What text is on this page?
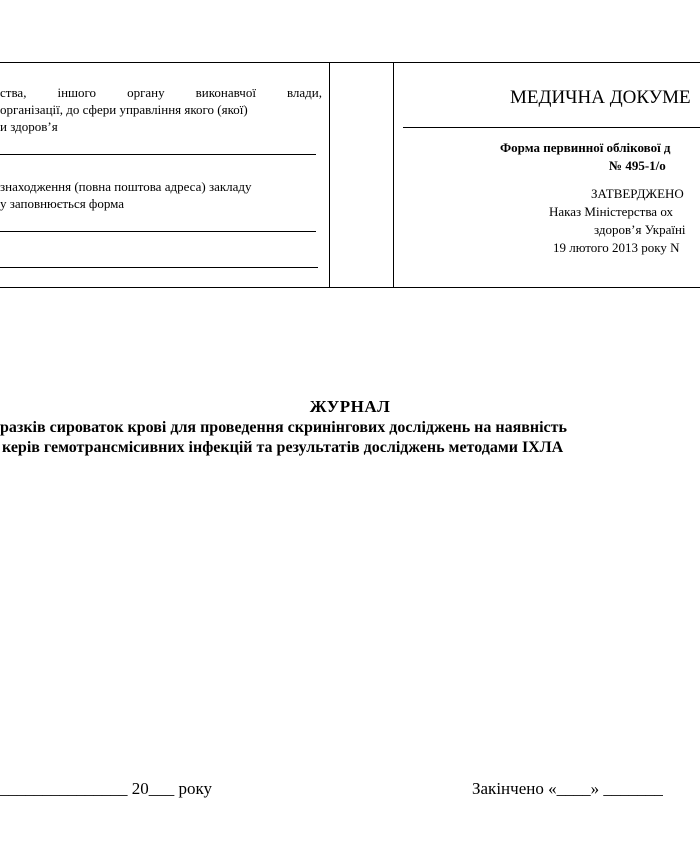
ства, іншого органу виконавчої влади,
організації, до сфери управління якого (якої)
и здоров’я
знаходження (повна поштова адреса) закладу
у заповнюється форма
МЕДИЧНА ДОКУМЕ
Форма первинної облікової д
№ 495-1/о
ЗАТВЕРДЖЕНО
Наказ Міністерства ох
здоров’я Україні
19 лютого 2013 року N
ЖУРНАЛ
разків сироваток крові для проведення скринінгових досліджень на наявність
керів гемотрансмісивних інфекцій та результатів досліджень методами ІХЛА
_______________ 20___ року	Закінчено «____» _______
